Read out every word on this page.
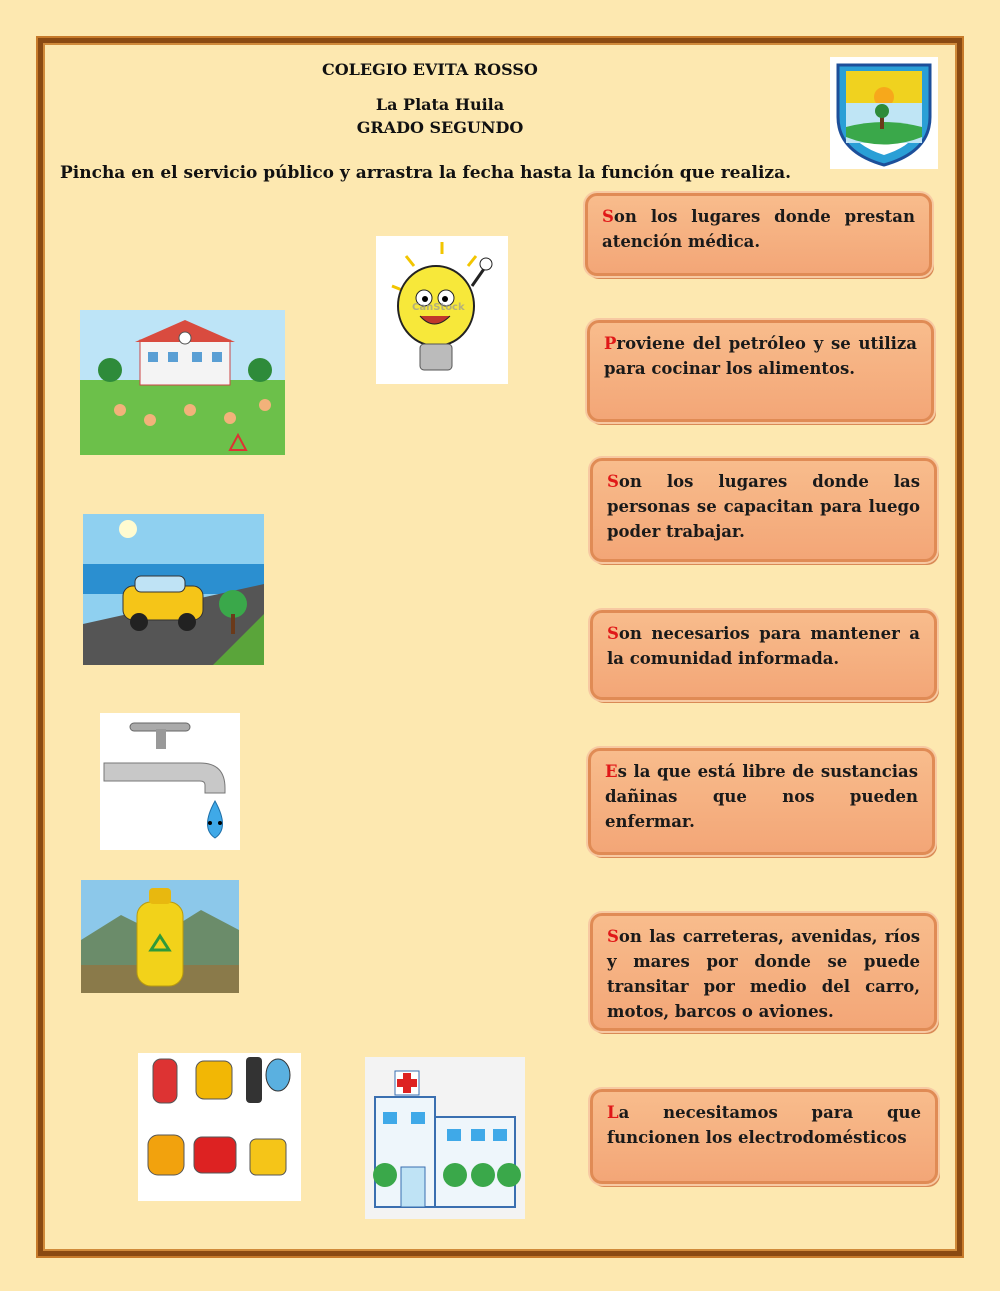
COLEGIO EVITA ROSSO
La Plata Huila
GRADO SEGUNDO
Pincha en el servicio público y arrastra la fecha hasta la función que realiza.
CanStock
Son los lugares donde prestan atención médica.
Proviene del petróleo y se utiliza para cocinar los alimentos.
Son los lugares donde las personas se capacitan para luego poder trabajar.
Son necesarios para mantener a la comunidad informada.
Es la que está libre de sustancias dañinas que nos pueden enfermar.
Son las carreteras, avenidas, ríos y mares por donde se puede transitar por medio del carro, motos, barcos o aviones.
La necesitamos para que funcionen los electrodomésticos
